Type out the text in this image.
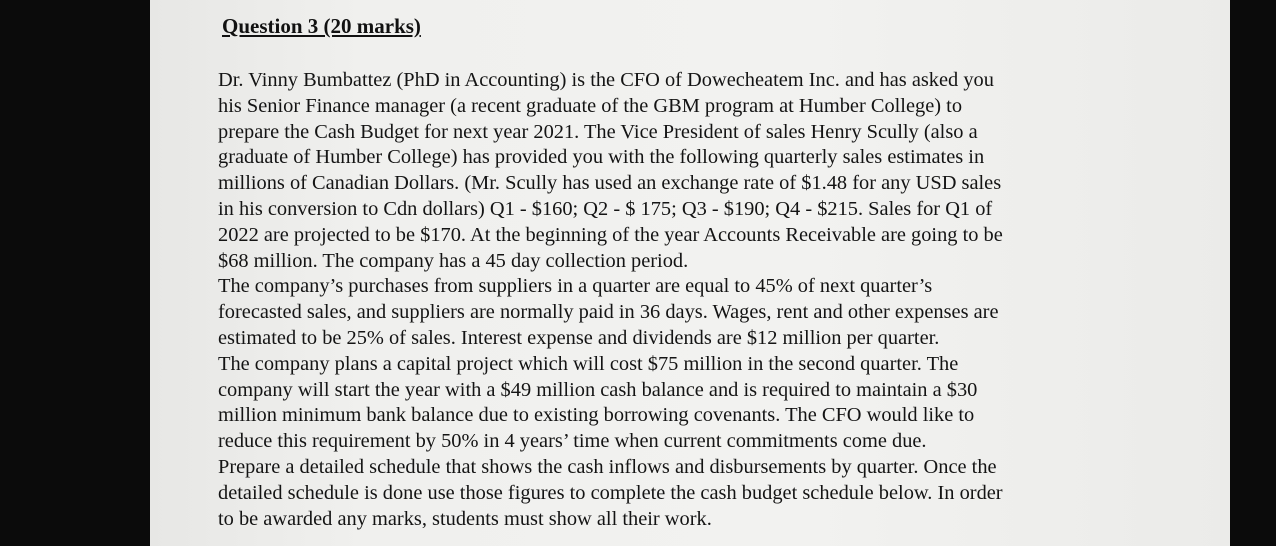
Question 3 (20 marks)
Dr. Vinny Bumbattez (PhD in Accounting) is the CFO of Dowecheatem Inc. and has asked you
his Senior Finance manager (a recent graduate of the GBM program at Humber College) to
prepare the Cash Budget for next year 2021. The Vice President of sales Henry Scully (also a
graduate of Humber College) has provided you with the following quarterly sales estimates in
millions of Canadian Dollars. (Mr. Scully has used an exchange rate of $1.48 for any USD sales
in his conversion to Cdn dollars) Q1 - $160; Q2 - $ 175; Q3 - $190; Q4 - $215. Sales for Q1 of
2022 are projected to be $170. At the beginning of the year Accounts Receivable are going to be
$68 million. The company has a 45 day collection period.
The company’s purchases from suppliers in a quarter are equal to 45% of next quarter’s
forecasted sales, and suppliers are normally paid in 36 days. Wages, rent and other expenses are
estimated to be 25% of sales. Interest expense and dividends are $12 million per quarter.
The company plans a capital project which will cost $75 million in the second quarter. The
company will start the year with a $49 million cash balance and is required to maintain a $30
million minimum bank balance due to existing borrowing covenants. The CFO would like to
reduce this requirement by 50% in 4 years’ time when current commitments come due.
Prepare a detailed schedule that shows the cash inflows and disbursements by quarter. Once the
detailed schedule is done use those figures to complete the cash budget schedule below. In order
to be awarded any marks, students must show all their work.
